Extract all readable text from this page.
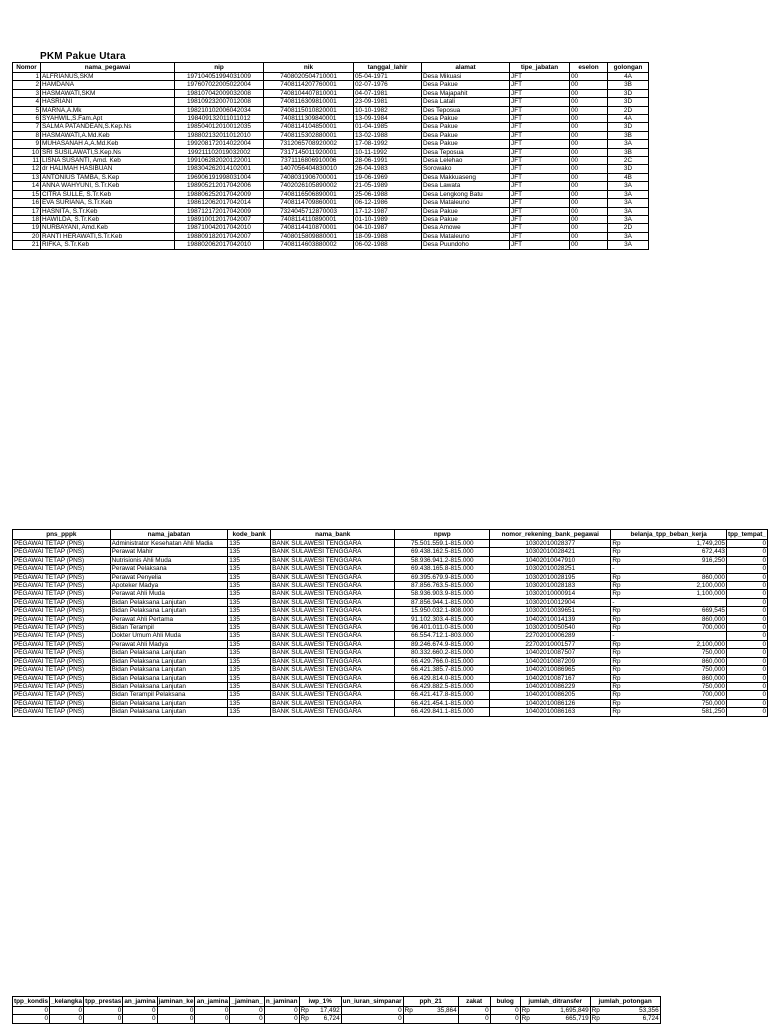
PKM Pakue Utara
Nomor	nama_pegawai	nip	nik	tanggal_lahir	alamat	tipe_jabatan	eselon	golongan
1	ALFRIANUS,SKM	197104051994031009	7408020504710001	05-04-1971	Desa Mikuasi	JFT	00	4A
2	HAMDANA	197607022005022004	7408114207760001	02-07-1976	Desa Pakue	JFT	00	3B
3	HASMAWATI,SKM	198107042009032008	7408104407810001	04-07-1981	Desa Majapahit	JFT	00	3D
4	HASRIANI	198109232007012008	7408116309810001	23-09-1981	Desa Latali	JFT	00	3D
5	MARNA,A.Mk	198210102006042034	7408115010820001	10-10-1982	Des Teposua	JFT	00	2D
6	SYAHWIL,S.Fam.Apt	198409132011011012	7408111309840001	13-09-1984	Desa Pakue	JFT	00	4A
7	SALMA PATANDEAN,S.Kep.Ns	198504012010012035	7408114104850001	01-04-1985	Desa Pakue	JFT	00	3D
8	HASMAWATI,A.Md.Keb	198802132011012010	7408115302880001	13-02-1988	Desa Pakue	JFT	00	3B
9	MUHASANAH A,A.Md.Keb	199208172014022004	7312065708920002	17-08-1992	Desa Pakue	JFT	00	3A
10	SRI SUSILAWATI,S.Kep.Ns	199211102019032002	7317145011920001	10-11-1992	Desa Teposua	JFT	00	3B
11	LISNA SUSANTI, Amd. Keb	199106282020122001	7371116806910006	28-06-1991	Desa Lelehao	JFT	00	2C
12	dr HALIMAH HASIBUAN	198304262014102001	1407056404830010	26-04-1983	Sorowako	JFT	00	3D
13	ANTONIUS TAMBA, S.Kep	196906191998031004	7408031906700001	19-06-1969	Desa Makkuaseng	JFT	00	4B
14	ANNA WAHYUNI, S.Tr.Keb	198905212017042006	7402026105890002	21-05-1989	Desa Lawata	JFT	00	3A
15	CITRA SULLE, S.Tr.Keb	198806252017042009	7408116506890001	25-06-1988	Desa Lengkong Batu	JFT	00	3A
16	EVA SURIANA, S.Tr.Keb	198612062017042014	7408114709860001	06-12-1986	Desa Mataleuno	JFT	00	3A
17	HASNITA, S.Tr.Keb	198712172017042009	7324045712870003	17-12-1987	Desa Pakue	JFT	00	3A
18	HAWILDA, S.Tr.Keb	198910012017042007	7408114110890001	01-10-1989	Desa Pakue	JFT	00	3A
19	NURBAYANI, Amd.Keb	198710042017042010	7408114410870001	04-10-1987	Desa Amowe	JFT	00	2D
20	RANTI HERAWATI,S.Tr.Keb	198809182017042007	7408015809880001	18-09-1988	Desa Mataleuno	JFT	00	3A
21	RIFKA, S.Tr.Keb	198802062017042010	7408114603880002	06-02-1988	Desa Puundoho	JFT	00	3A
pns_pppk	nama_jabatan	kode_bank	nama_bank	npwp	nomor_rekening_bank_pegawai	belanja_tpp_beban_kerja	tpp_tempat_
PEGAWAI TETAP (PNS)	Administrator Kesehatan Ahli Madia	135	BANK SULAWESI TENGGARA	75.501.559.1-815.000	10302010028377	Rp 1,749,205	0
PEGAWAI TETAP (PNS)	Perawat Mahir	135	BANK SULAWESI TENGGARA	69.438.162.5-815.000	10302010028421	Rp 672,443	0
PEGAWAI TETAP (PNS)	Nutrisionis Ahli Muda	135	BANK SULAWESI TENGGARA	58.936.941.2-815.000	10402010047910	Rp 916,250	0
PEGAWAI TETAP (PNS)	Perawat Pelaksana	135	BANK SULAWESI TENGGARA	69.438.165.8-815.000	10302010028251	-	0
PEGAWAI TETAP (PNS)	Perawat Penyelia	135	BANK SULAWESI TENGGARA	69.395.679.9-815.000	10302010028195	Rp 860,000	0
PEGAWAI TETAP (PNS)	Apoteker Madya	135	BANK SULAWESI TENGGARA	87.856.763.5-815.000	10302010028183	Rp 2,100,000	0
PEGAWAI TETAP (PNS)	Perawat Ahli Muda	135	BANK SULAWESI TENGGARA	58.936.903.9-815.000	10302010000914	Rp 1,100,000	0
PEGAWAI TETAP (PNS)	Bidan Pelaksana Lanjutan	135	BANK SULAWESI TENGGARA	87.856.944.1-815.000	10302010012904	-	0
PEGAWAI TETAP (PNS)	Bidan Pelaksana Lanjutan	135	BANK SULAWESI TENGGARA	15.950.032.1-808.000	10302010039651	Rp 669,545	0
PEGAWAI TETAP (PNS)	Perawat Ahli Pertama	135	BANK SULAWESI TENGGARA	91.102.303.4-815.000	10402010014139	Rp 860,000	0
PEGAWAI TETAP (PNS)	Bidan Terampil	135	BANK SULAWESI TENGGARA	96.401.011.0-815.000	10302010050540	Rp 700,000	0
PEGAWAI TETAP (PNS)	Dokter Umum Ahli Muda	135	BANK SULAWESI TENGGARA	66.554.712.1-803.000	22702010006289	-	0
PEGAWAI TETAP (PNS)	Perawat Ahli Madya	135	BANK SULAWESI TENGGARA	89.246.674.9-815.000	22702010001577	Rp 2,100,000	0
PEGAWAI TETAP (PNS)	Bidan Pelaksana Lanjutan	135	BANK SULAWESI TENGGARA	80.332.660.2-815.000	10402010087507	Rp 750,000	0
PEGAWAI TETAP (PNS)	Bidan Pelaksana Lanjutan	135	BANK SULAWESI TENGGARA	66.429.766.0-815.000	10402010087209	Rp 860,000	0
PEGAWAI TETAP (PNS)	Bidan Pelaksana Lanjutan	135	BANK SULAWESI TENGGARA	66.421.385.7-815.000	10402010086965	Rp 750,000	0
PEGAWAI TETAP (PNS)	Bidan Pelaksana Lanjutan	135	BANK SULAWESI TENGGARA	66.429.814.0-815.000	10402010087167	Rp 860,000	0
PEGAWAI TETAP (PNS)	Bidan Pelaksana Lanjutan	135	BANK SULAWESI TENGGARA	66.429.882.5-815.000	10402010086229	Rp 750,000	0
PEGAWAI TETAP (PNS)	Bidan Terampil Pelaksana	135	BANK SULAWESI TENGGARA	66.421.417.8-815.000	10402010086205	Rp 700,000	0
PEGAWAI TETAP (PNS)	Bidan Pelaksana Lanjutan	135	BANK SULAWESI TENGGARA	66.421.454.1-815.000	10402010086126	Rp 750,000	0
PEGAWAI TETAP (PNS)	Bidan Pelaksana Lanjutan	135	BANK SULAWESI TENGGARA	66.429.841.1-815.000	10402010086163	Rp 581,250	0
tpp_kondis	_kelangka	tpp_prestas	an_jamina	jaminan_ke	an_jamina	_jaminan_	n_jaminan	iwp_1%	un_iuran_simpanar	pph_21	zakat	bulog	jumlah_ditransfer	jumlah_potongan
0	0	0	0	0	0	0	0	Rp 17,492	0	Rp 35,864	0	0	Rp 1,695,849	Rp 53,356

0	0	0	0	0	0	0	0	Rp 6,724	0		0	0	Rp 665,719	Rp 6,724
